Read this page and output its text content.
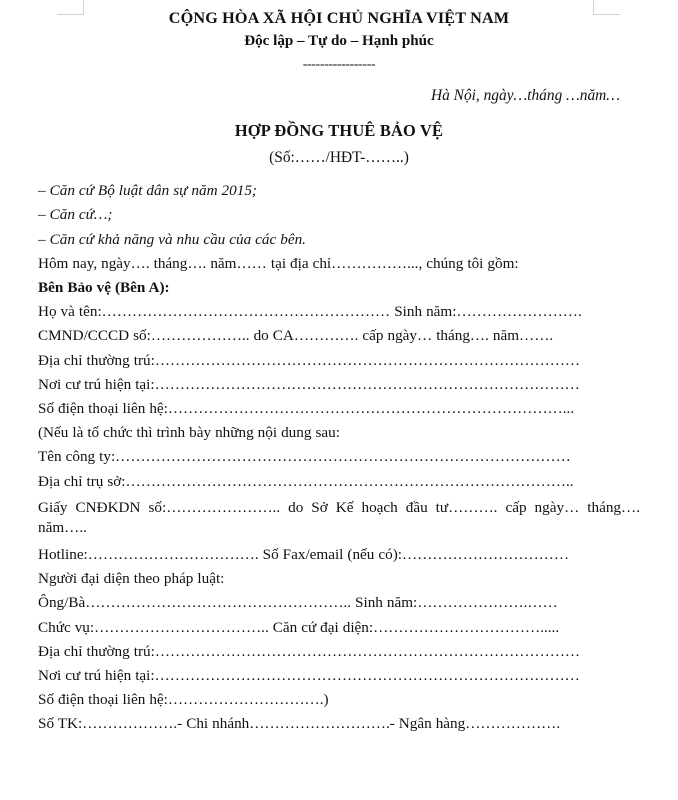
CỘNG HÒA XÃ HỘI CHỦ NGHĨA VIỆT NAM

Độc lập – Tự do – Hạnh phúc

-----------------

Hà Nội, ngày…tháng …năm…

HỢP ĐỒNG THUÊ BẢO VỆ

(Số:……/HĐT-……..)

– Căn cứ Bộ luật dân sự năm 2015;

– Căn cứ…;

– Căn cứ khả năng và nhu cầu của các bên.

Hôm nay, ngày…. tháng…. năm…… tại địa chỉ……………..., chúng tôi gồm:

Bên Bảo vệ (Bên A):

Họ và tên:………………………………………………… Sinh năm:…………………….

CMND/CCCD số:……………….. do CA…………. cấp ngày… tháng…. năm…….

Địa chỉ thường trú:…………………………………………………………………………

Nơi cư trú hiện tại:…………………………………………………………………………

Số điện thoại liên hệ:……………………………………………………………………...

(Nếu là tổ chức thì trình bày những nội dung sau:

Tên công ty:………………………………………………………………………………

Địa chỉ trụ sở:……………………………………………………………………………..

Giấy CNĐKDN số:………………….. do Sở Kế hoạch đầu tư………. cấp ngày… tháng…. năm…..

Hotline:……………………………. Số Fax/email (nếu có):……………………………

Người đại diện theo pháp luật:

Ông/Bà…………………………………………….. Sinh năm:………………….……

Chức vụ:…………………………….. Căn cứ đại diện:…………………………….....

Địa chỉ thường trú:…………………………………………………………………………

Nơi cư trú hiện tại:…………………………………………………………………………

Số điện thoại liên hệ:………………………….)

Số TK:……………….- Chi nhánh……………………….- Ngân hàng……………….
